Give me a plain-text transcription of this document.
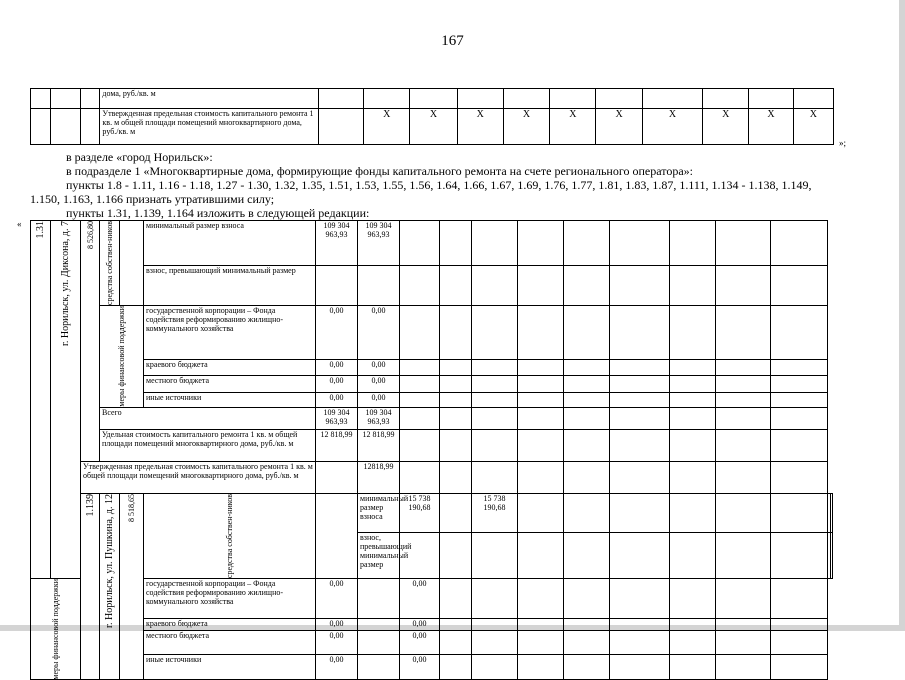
167
			дома, руб./кв. м											
			Утвержденная предельная стоимость капитального ремонта 1 кв. м общей площади помещений многоквартирного дома, руб./кв. м		X	X	X	X	X	X	X	X	X	X
»;
в разделе «город Норильск»:
в подразделе 1 «Многоквартирные дома, формирующие фонды капитального ремонта на счете регионального оператора»:
пункты 1.8 - 1.11, 1.16 - 1.18, 1.27 - 1.30, 1.32, 1.35, 1.51, 1.53, 1.55, 1.56, 1.64, 1.66, 1.67, 1.69, 1.76, 1.77, 1.81, 1.83, 1.87, 1.111, 1.134 - 1.138, 1.149,
1.150, 1.163, 1.166 признать утратившими силу;
пункты 1.31, 1.139, 1.164 изложить в следующей редакции:
« 1.31	г. Норильск, ул. Диксона, д. 7	8 526,80	средства собствен-ников		минимальный размер взноса	109 304 963,93	109 304 963,93											
					взнос, превышающий минимальный размер													

			меры финансовой поддержки		государственной корпорации – Фонда содействия реформированию жилищно-коммунального хозяйства	0,00	0,00											
					краевого бюджета	0,00	0,00											
					местного бюджета	0,00	0,00											
					иные источники	0,00	0,00											
			Всего			109 304 963,93	109 304 963,93											
			Удельная стоимость капитального ремонта 1 кв. м общей площади помещений многоквартирного дома, руб./кв. м			12 818,99	12 818,99											
		Утвержденная предельная стоимость капитального ремонта 1 кв. м общей площади помещений многоквартирного дома, руб./кв. м					12818,99											

		1.139	г. Норильск, ул. Пушкина, д. 12	8 518,65	средства собствен-ников		минимальный размер взноса	15 738 190,68		15 738 190,68								
							взнос, превышающий минимальный размер											

меры финансовой поддержки					государственной корпорации – Фонда содействия реформированию жилищно-коммунального хозяйства	0,00		0,00										
					краевого бюджета	0,00		0,00										
					местного бюджета	0,00		0,00										
					иные источники	0,00		0,00										
